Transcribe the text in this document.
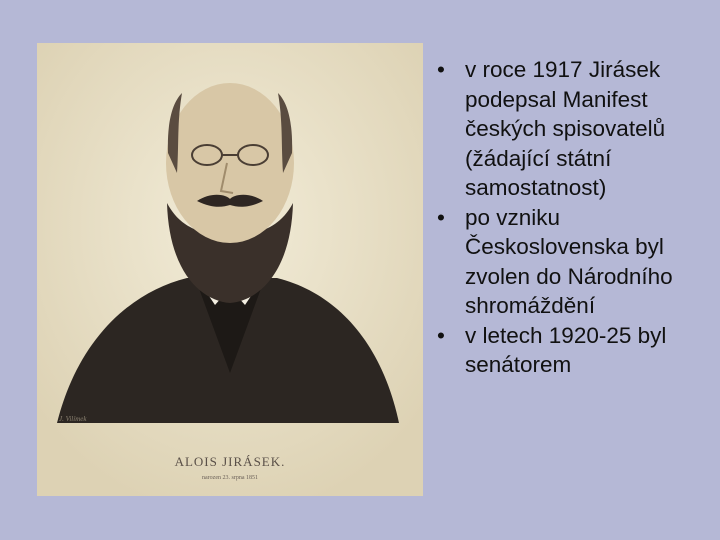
J. Vilímek
ALOIS JIRÁSEK.
narozen 23. srpna 1851
• v roce 1917 Jirásek podepsal Manifest českých spisovatelů (žádající státní samostatnost)
• po vzniku Československa byl zvolen do Národního shromáždění
• v letech 1920-25 byl senátorem
